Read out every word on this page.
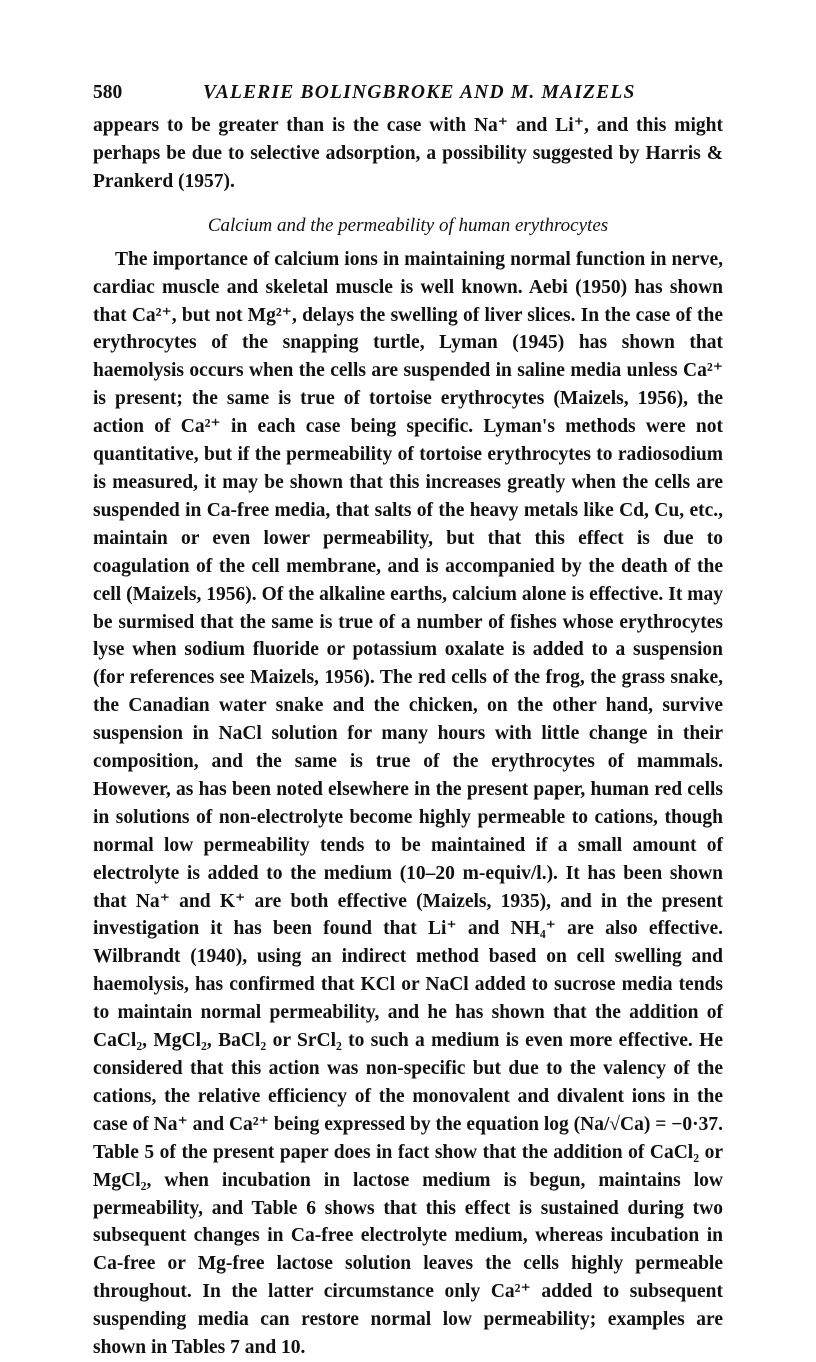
580	VALERIE BOLINGBROKE AND M. MAIZELS

appears to be greater than is the case with Na⁺ and Li⁺, and this might perhaps be due to selective adsorption, a possibility suggested by Harris & Prankerd (1957).

Calcium and the permeability of human erythrocytes

The importance of calcium ions in maintaining normal function in nerve, cardiac muscle and skeletal muscle is well known. Aebi (1950) has shown that Ca²⁺, but not Mg²⁺, delays the swelling of liver slices. In the case of the erythrocytes of the snapping turtle, Lyman (1945) has shown that haemolysis occurs when the cells are suspended in saline media unless Ca²⁺ is present; the same is true of tortoise erythrocytes (Maizels, 1956), the action of Ca²⁺ in each case being specific. Lyman's methods were not quantitative, but if the permeability of tortoise erythrocytes to radiosodium is measured, it may be shown that this increases greatly when the cells are suspended in Ca-free media, that salts of the heavy metals like Cd, Cu, etc., maintain or even lower permeability, but that this effect is due to coagulation of the cell membrane, and is accompanied by the death of the cell (Maizels, 1956). Of the alkaline earths, calcium alone is effective. It may be surmised that the same is true of a number of fishes whose erythrocytes lyse when sodium fluoride or potassium oxalate is added to a suspension (for references see Maizels, 1956). The red cells of the frog, the grass snake, the Canadian water snake and the chicken, on the other hand, survive suspension in NaCl solution for many hours with little change in their composition, and the same is true of the erythrocytes of mammals. However, as has been noted elsewhere in the present paper, human red cells in solutions of non-electrolyte become highly permeable to cations, though normal low permeability tends to be maintained if a small amount of electrolyte is added to the medium (10–20 m-equiv/l.). It has been shown that Na⁺ and K⁺ are both effective (Maizels, 1935), and in the present investigation it has been found that Li⁺ and NH₄⁺ are also effective. Wilbrandt (1940), using an indirect method based on cell swelling and haemolysis, has confirmed that KCl or NaCl added to sucrose media tends to maintain normal permeability, and he has shown that the addition of CaCl₂, MgCl₂, BaCl₂ or SrCl₂ to such a medium is even more effective. He considered that this action was non-specific but due to the valency of the cations, the relative efficiency of the monovalent and divalent ions in the case of Na⁺ and Ca²⁺ being expressed by the equation log (Na/√Ca) = −0·37. Table 5 of the present paper does in fact show that the addition of CaCl₂ or MgCl₂, when incubation in lactose medium is begun, maintains low permeability, and Table 6 shows that this effect is sustained during two subsequent changes in Ca-free electrolyte medium, whereas incubation in Ca-free or Mg-free lactose solution leaves the cells highly permeable throughout. In the latter circumstance only Ca²⁺ added to subsequent suspending media can restore normal low permeability; examples are shown in Tables 7 and 10.
